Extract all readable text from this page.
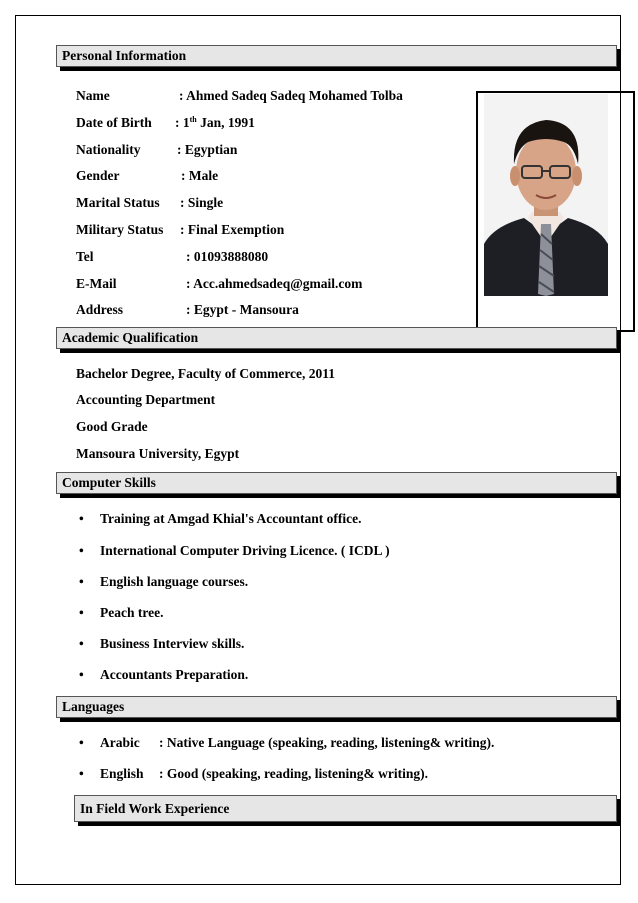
Personal Information
Name	: Ahmed Sadeq Sadeq Mohamed Tolba
Date of Birth : 1th Jan, 1991
Nationality	: Egyptian
Gender	: Male
Marital Status : Single
Military Status : Final Exemption
Tel	: 01093888080
E-Mail	: Acc.ahmedsadeq@gmail.com
Address	: Egypt - Mansoura
Academic Qualification
Bachelor Degree, Faculty of Commerce, 2011
Accounting Department
Good Grade
Mansoura University, Egypt
Computer Skills
• Training at Amgad Khial's Accountant office.
• International Computer Driving Licence. ( ICDL )
• English language courses.
• Peach tree.
• Business Interview skills.
• Accountants Preparation.
Languages
• Arabic : Native Language (speaking, reading, listening& writing).
• English : Good (speaking, reading, listening& writing).
In Field Work Experience
